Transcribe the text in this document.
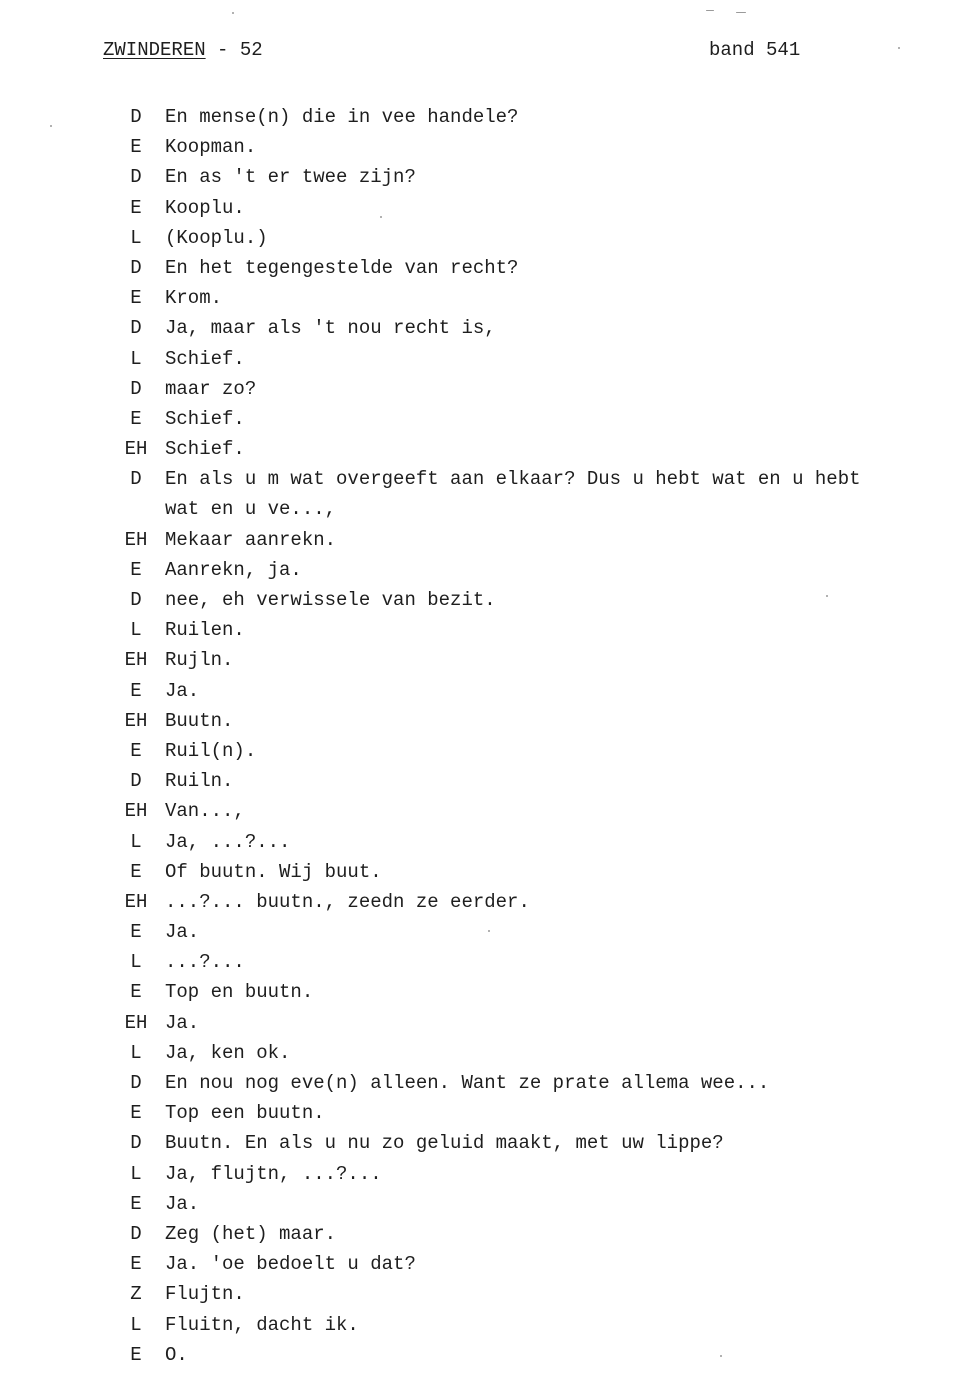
ZWINDEREN - 52	band 541
D	En mense(n) die in vee handele?
E	Koopman.
D	En as 't er twee zijn?
E	Kooplu.
L	(Kooplu.)
D	En het tegengestelde van recht?
E	Krom.
D	Ja, maar als 't nou recht is,
L	Schief.
D	maar zo?
E	Schief.
EH Schief.
D	En als u m wat overgeeft aan elkaar? Dus u hebt wat en u hebt
wat en u ve...,
EH Mekaar aanrekn.
E	Aanrekn, ja.
D	nee, eh verwissele van bezit.
L	Ruilen.
EH Rujln.
E	Ja.
EH Buutn.
E	Ruil(n).
D	Ruiln.
EH Van...,
L	Ja, ...?...
E	Of buutn. Wij buut.
EH ...?... buutn., zeedn ze eerder.
E	Ja.
L	...?...
E	Top en buutn.
EH Ja.
L	Ja, ken ok.
D	En nou nog eve(n) alleen. Want ze prate allema wee...
E	Top een buutn.
D	Buutn. En als u nu zo geluid maakt, met uw lippe?
L	Ja, flujtn, ...?...
E	Ja.
D	Zeg (het) maar.
E	Ja. 'oe bedoelt u dat?
Z	Flujtn.
L	Fluitn, dacht ik.
E	O.
